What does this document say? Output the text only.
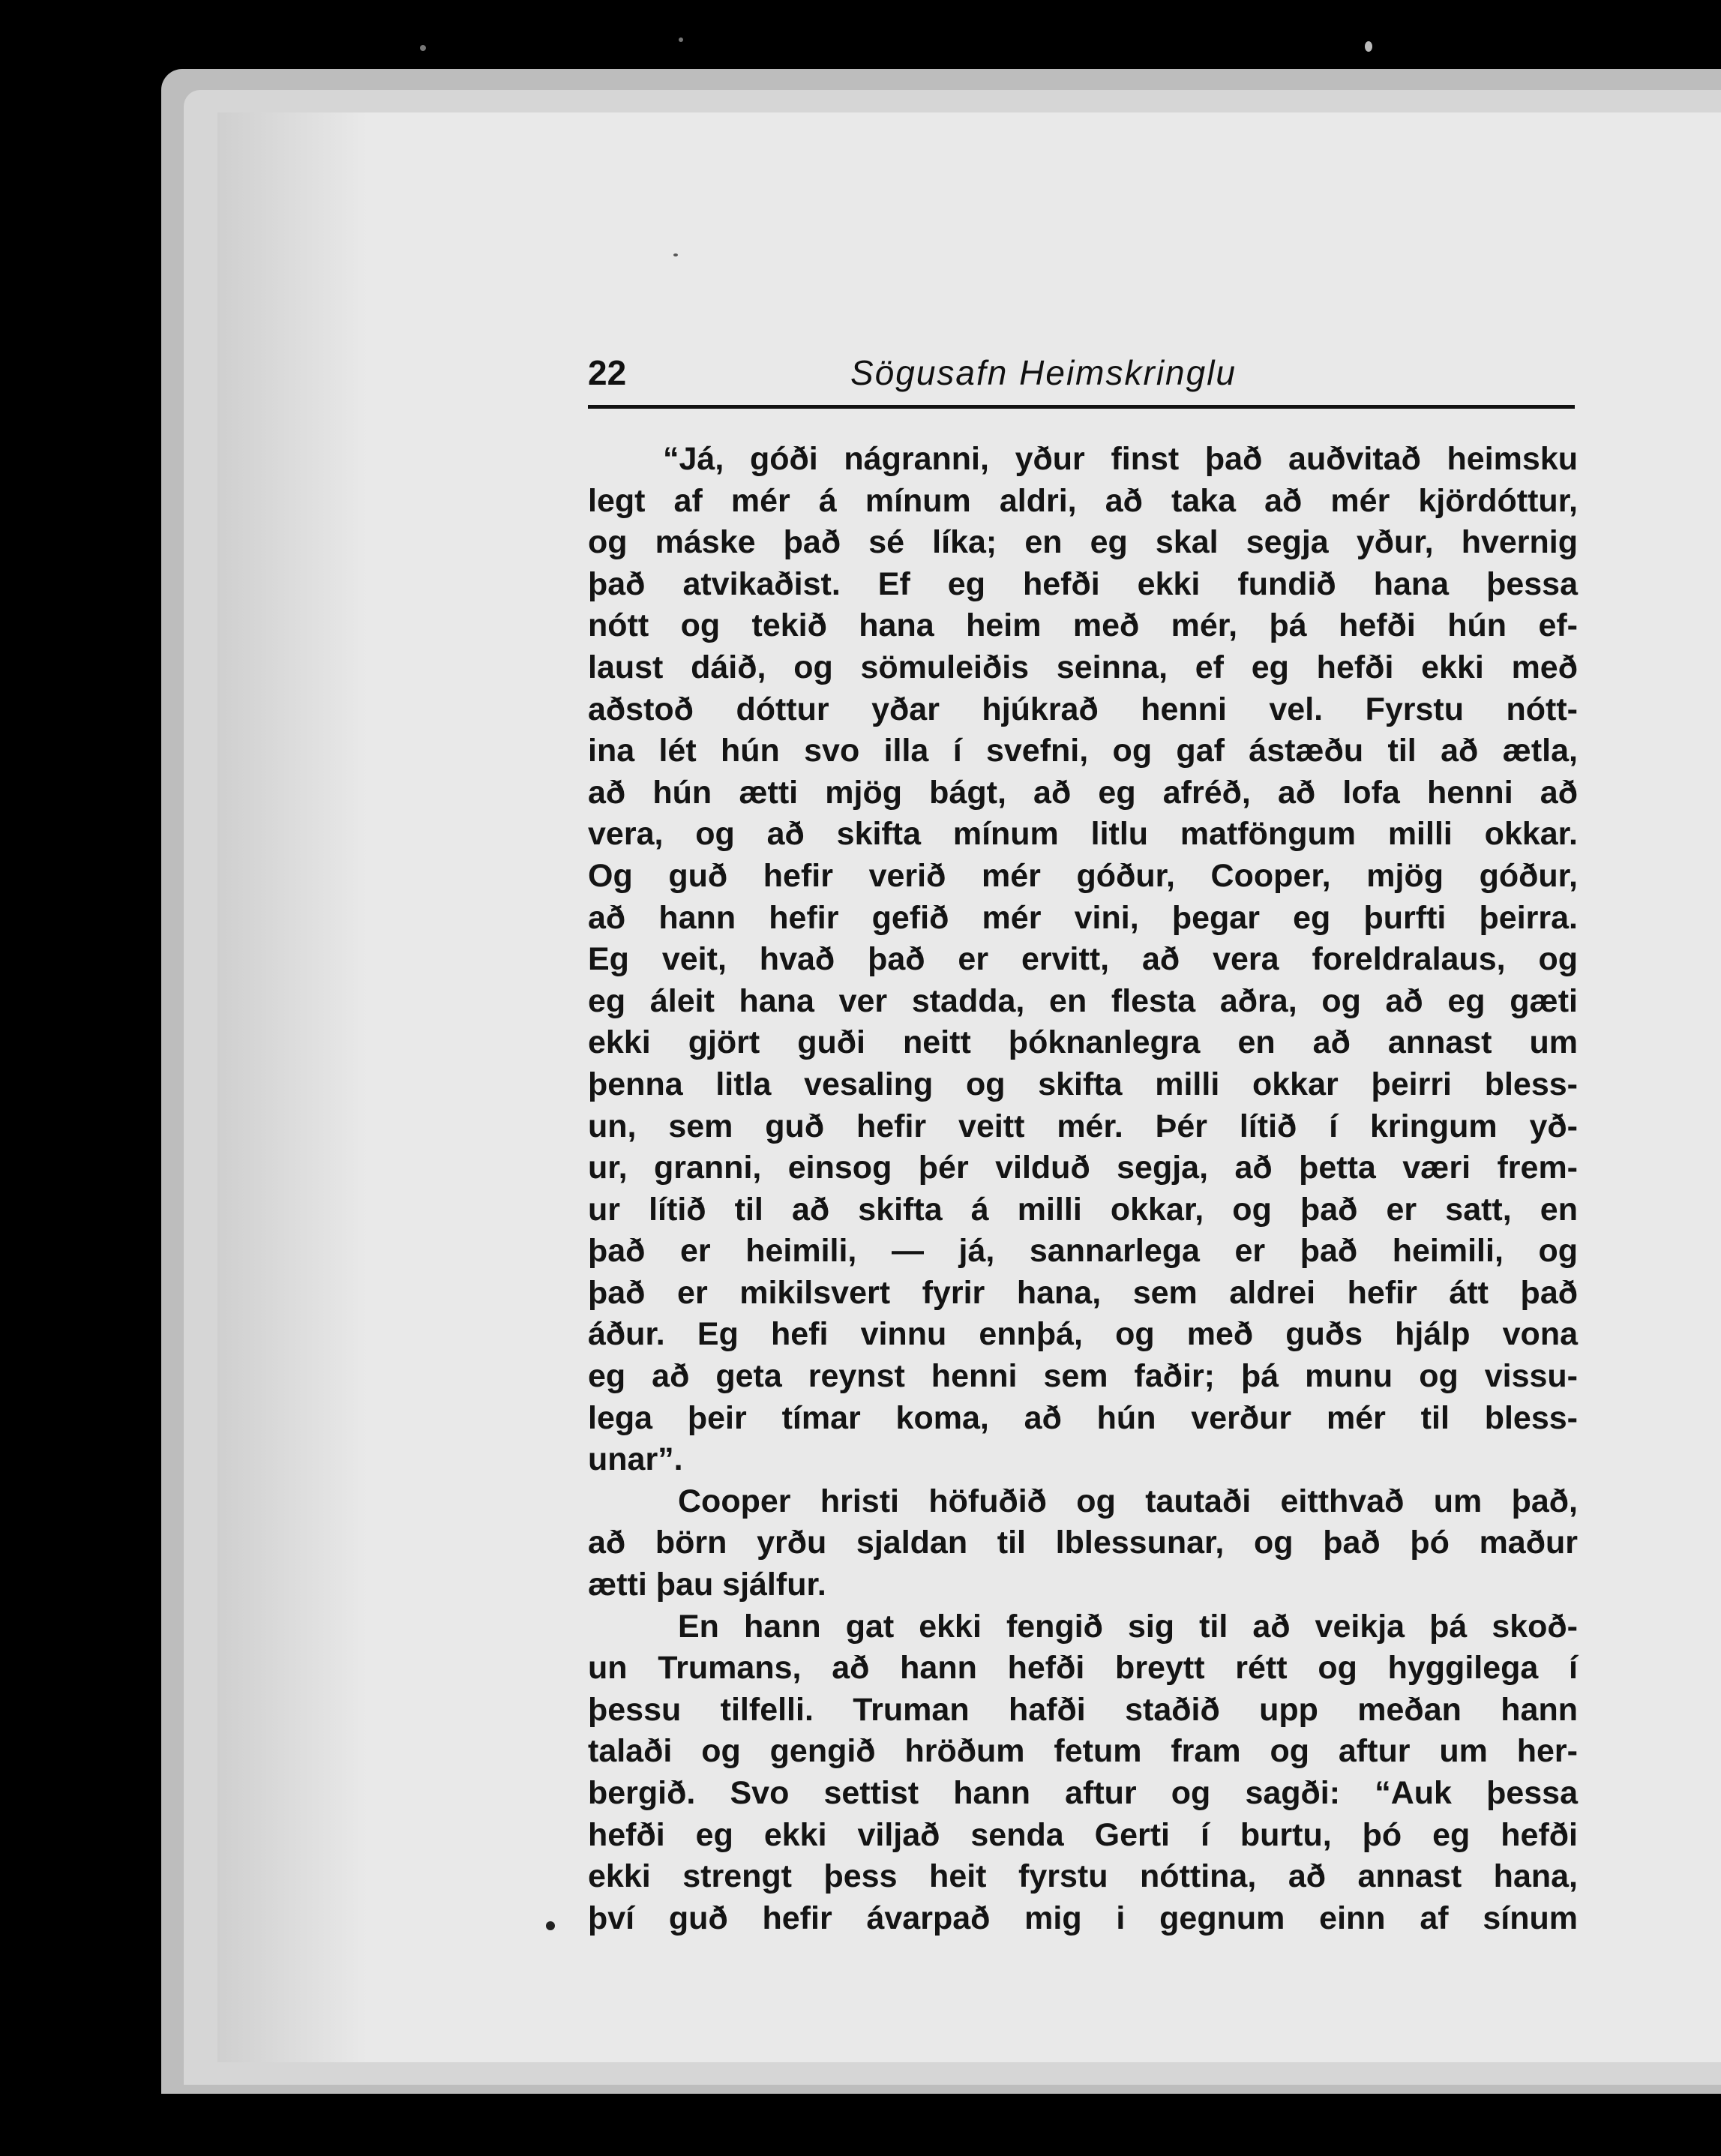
22	Sögusafn Heimskringlu
“Já, góði nágranni, yður finst það auðvitað heimsku
legt af mér á mínum aldri, að taka að mér kjördóttur,
og máske það sé líka; en eg skal segja yður, hvernig
það atvikaðist. Ef eg hefði ekki fundið hana þessa
nótt og tekið hana heim með mér, þá hefði hún ef-
laust dáið, og sömuleiðis seinna, ef eg hefði ekki með
aðstoð dóttur yðar hjúkrað henni vel. Fyrstu nótt-
ina lét hún svo illa í svefni, og gaf ástæðu til að ætla,
að hún ætti mjög bágt, að eg afréð, að lofa henni að
vera, og að skifta mínum litlu matföngum milli okkar.
Og guð hefir verið mér góður, Cooper, mjög góður,
að hann hefir gefið mér vini, þegar eg þurfti þeirra.
Eg veit, hvað það er ervitt, að vera foreldralaus, og
eg áleit hana ver stadda, en flesta aðra, og að eg gæti
ekki gjört guði neitt þóknanlegra en að annast um
þenna litla vesaling og skifta milli okkar þeirri bless-
un, sem guð hefir veitt mér. Þér lítið í kringum yð-
ur, granni, einsog þér vilduð segja, að þetta væri frem-
ur lítið til að skifta á milli okkar, og það er satt, en
það er heimili, — já, sannarlega er það heimili, og
það er mikilsvert fyrir hana, sem aldrei hefir átt það
áður. Eg hefi vinnu ennþá, og með guðs hjálp vona
eg að geta reynst henni sem faðir; þá munu og vissu-
lega þeir tímar koma, að hún verður mér til bless-
unar”.
Cooper hristi höfuðið og tautaði eitthvað um það,
að börn yrðu sjaldan til lblessunar, og það þó maður
ætti þau sjálfur.
En hann gat ekki fengið sig til að veikja þá skoð-
un Trumans, að hann hefði breytt rétt og hyggilega í
þessu tilfelli. Truman hafði staðið upp meðan hann
talaði og gengið hröðum fetum fram og aftur um her-
bergið. Svo settist hann aftur og sagði: “Auk þessa
hefði eg ekki viljað senda Gerti í burtu, þó eg hefði
ekki strengt þess heit fyrstu nóttina, að annast hana,
því guð hefir ávarpað mig i gegnum einn af sínum
